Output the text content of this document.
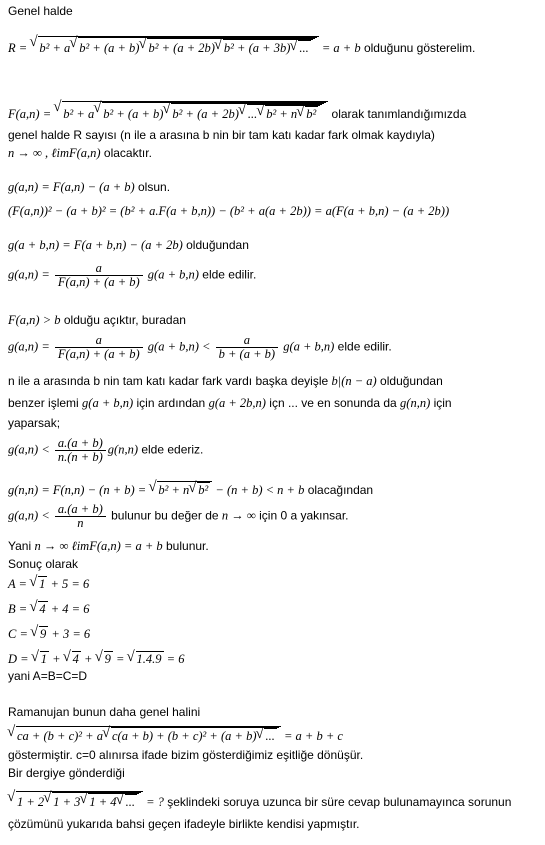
Genel halde
R = √ b² + a √ b² + (a + b) √ b² + (a + 2b) √ b² + (a + 3b) √ ... = a + b olduğunu gösterelim.
F(a,n) = √ b² + a √ b² + (a + b) √ b² + (a + 2b) √ ... √ b² + n √ b² olarak tanımlandığımızda
genel halde R sayısı (n ile a arasına b nin bir tam katı kadar fark olmak kaydıyla)
n → ∞ , ℓimF(a,n) olacaktır.
g(a,n) = F(a,n) − (a + b) olsun.
(F(a,n))² − (a + b)² = (b² + a.F(a + b,n)) − (b² + a(a + 2b)) = a(F(a + b,n) − (a + 2b))
g(a + b,n) = F(a + b,n) − (a + 2b) olduğundan
$g(a,n) = \frac{a}{F(a,n) + (a + b)} g(a + b,n)$ elde edilir.
F(a,n) > b olduğu açıktır, buradan
$g(a,n) = \frac{a}{F(a,n) + (a + b)} g(a + b,n) < \frac{a}{b + (a + b)} g(a + b,n)$ elde edilir.
n ile a arasında b nin tam katı kadar fark vardı başka deyişle b|(n − a) olduğundan
benzer işlemi g(a + b,n) için ardından g(a + 2b,n) içn ... ve en sonunda da g(n,n) için
yaparsak;
$g(a,n) < \frac{a.(a + b)}{n.(n + b)} g(n,n)$ elde ederiz.
g(n,n) = F(n,n) − (n + b) = √ b² + n √ b² − (n + b) < n + b olacağından
$g(a,n) < \frac{a.(a + b)}{n}$ bulunur bu değer de n → ∞ için 0 a yakınsar.
Yani n → ∞ ℓimF(a,n) = a + b bulunur.
Sonuç olarak
A = √ 1 + 5 = 6
B = √ 4 + 4 = 6
C = √ 9 + 3 = 6
D = √ 1 + √ 4 + √ 9 = √ 1.4.9 = 6
yani A=B=C=D
Ramanujan bunun daha genel halini
√ ca + (b + c)² + a √ c(a + b) + (b + c)² + (a + b) √ ... = a + b + c
göstermiştir. c=0 alınırsa ifade bizim gösterdiğimiz eşitliğe dönüşür.
Bir dergiye gönderdiği
√ 1 + 2 √ 1 + 3 √ 1 + 4 √ ... = ? şeklindeki soruya uzunca bir süre cevap bulunamayınca sorunun
çözümünü yukarıda bahsi geçen ifadeyle birlikte kendisi yapmıştır.
